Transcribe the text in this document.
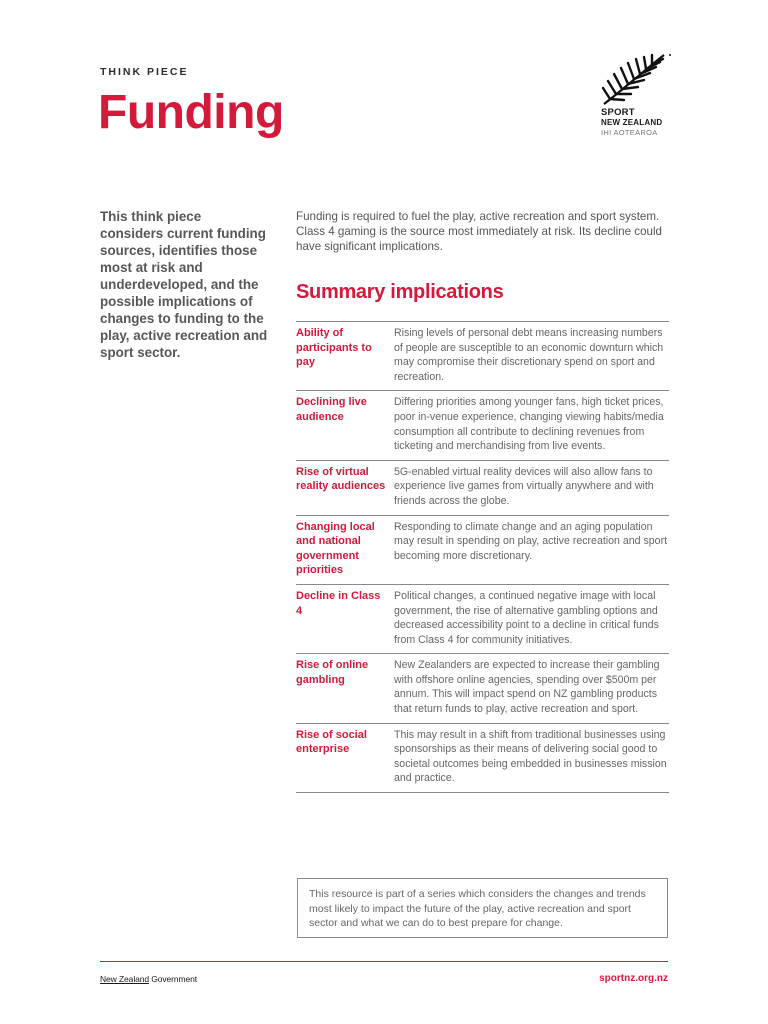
THINK PIECE
Funding	SPORT
NEW ZEALAND
IHI AOTEAROA

This think piece considers current funding sources, identifies those most at risk and underdeveloped, and the possible implications of changes to funding to the play, active recreation and sport sector.

Funding is required to fuel the play, active recreation and sport system. Class 4 gaming is the source most immediately at risk. Its decline could have significant implications.

Summary implications
Ability of participants to pay
Rising levels of personal debt means increasing numbers of people are susceptible to an economic downturn which may compromise their discretionary spend on sport and recreation.
Declining live audience
Differing priorities among younger fans, high ticket prices, poor in-venue experience, changing viewing habits/media consumption all contribute to declining revenues from ticketing and merchandising from live events.
Rise of virtual reality audiences
5G-enabled virtual reality devices will also allow fans to experience live games from virtually anywhere and with friends across the globe.
Changing local and national government priorities
Responding to climate change and an aging population may result in spending on play, active recreation and sport becoming more discretionary.
Decline in Class 4
Political changes, a continued negative image with local government, the rise of alternative gambling options and decreased accessibility point to a decline in critical funds from Class 4 for community initiatives.
Rise of online gambling
New Zealanders are expected to increase their gambling with offshore online agencies, spending over $500m per annum. This will impact spend on NZ gambling products that return funds to play, active recreation and sport.
Rise of social enterprise
This may result in a shift from traditional businesses using sponsorships as their means of delivering social good to societal outcomes being embedded in businesses mission and practice.
This resource is part of a series which considers the changes and trends most likely to impact the future of the play, active recreation and sport sector and what we can do to best prepare for change.
New Zealand Government	sportnz.org.nz
